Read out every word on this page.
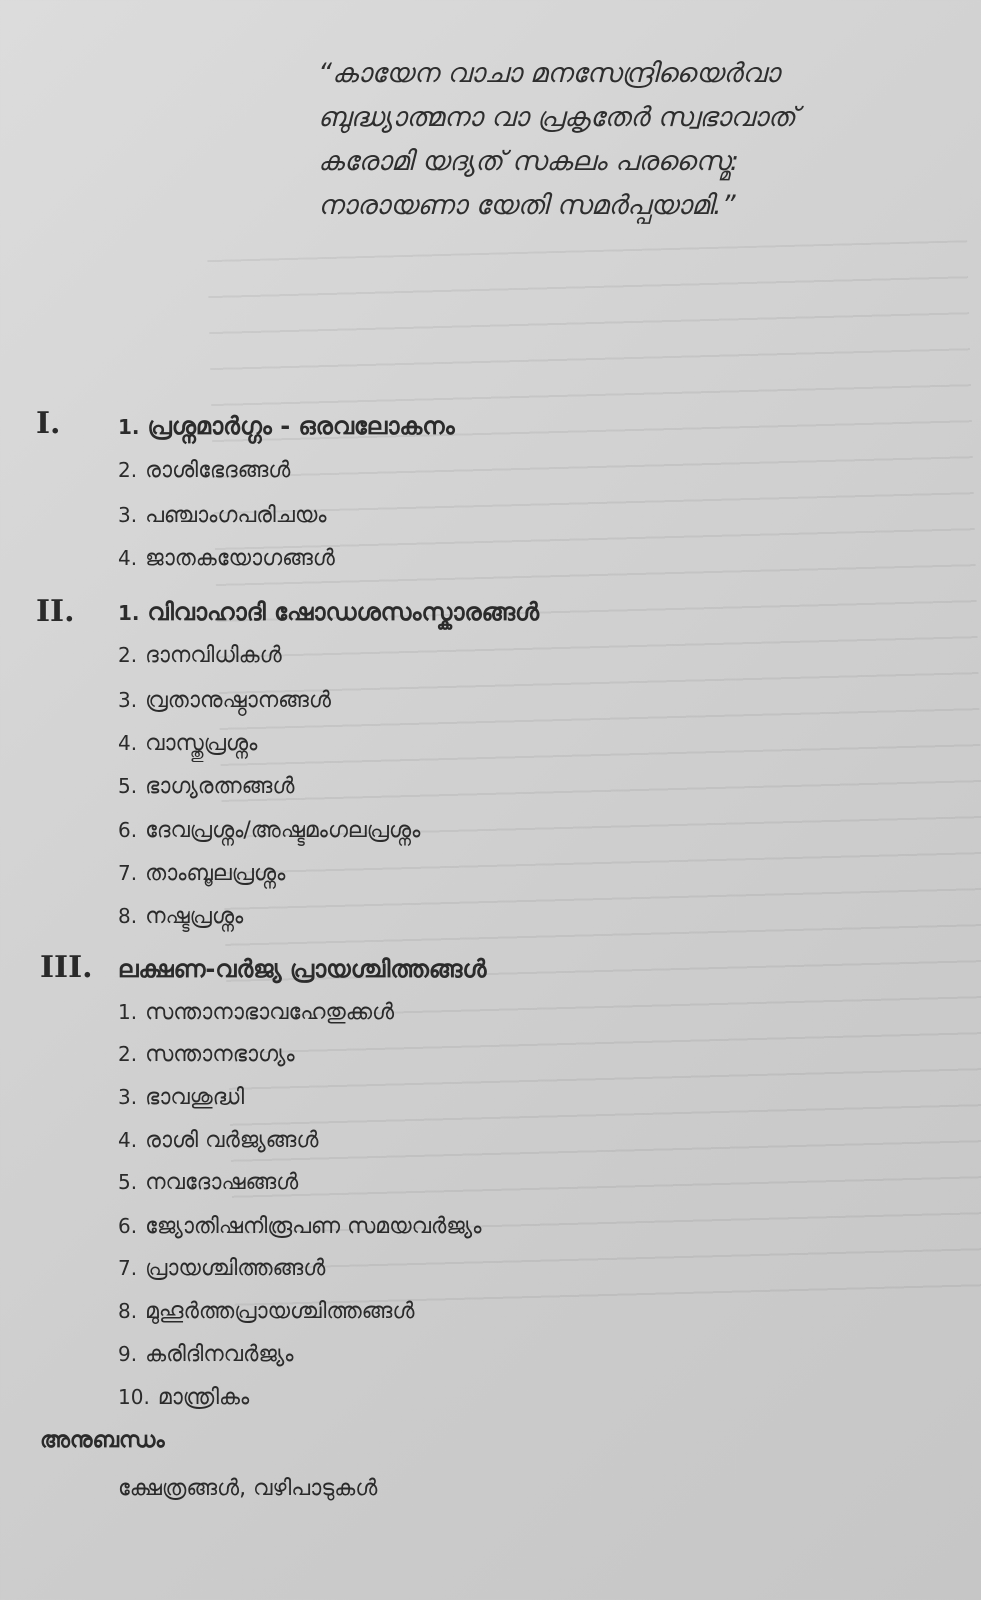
“കായേന വാചാ മനസേന്ദ്രിയൈർവാ
ബുദ്ധ്യാത്മനാ വാ പ്രകൃതേർ സ്വഭാവാത്
കരോമി യദ്യത് സകലം പരസ്മൈ:
നാരായണാ യേതി സമർപ്പയാമി.”
I.	1. പ്രശ്നമാർഗ്ഗം - ഒരവലോകനം
2. രാശിഭേദങ്ങൾ
3. പഞ്ചാംഗപരിചയം
4. ജാതകയോഗങ്ങൾ
II. 1. വിവാഹാദി ഷോഡശസംസ്കാരങ്ങൾ
2. ദാനവിധികൾ
3. വ്രതാനുഷ്ഠാനങ്ങൾ
4. വാസ്തുപ്രശ്നം
5. ഭാഗ്യരത്നങ്ങൾ
6. ദേവപ്രശ്നം/അഷ്ടമംഗലപ്രശ്നം
7. താംബൂലപ്രശ്നം
8. നഷ്ടപ്രശ്നം
III. ലക്ഷണ-വർജ്യ പ്രായശ്ചിത്തങ്ങൾ
1. സന്താനാഭാവഹേതുക്കൾ
2. സന്താനഭാഗ്യം
3. ഭാവശുദ്ധി
4. രാശി വർജ്യങ്ങൾ
5. നവദോഷങ്ങൾ
6. ജ്യോതിഷനിരൂപണ സമയവർജ്യം
7. പ്രായശ്ചിത്തങ്ങൾ
8. മുഹൂർത്തപ്രായശ്ചിത്തങ്ങൾ
9. കരിദിനവർജ്യം
10. മാന്ത്രികം
അനുബന്ധം
ക്ഷേത്രങ്ങൾ, വഴിപാടുകൾ
